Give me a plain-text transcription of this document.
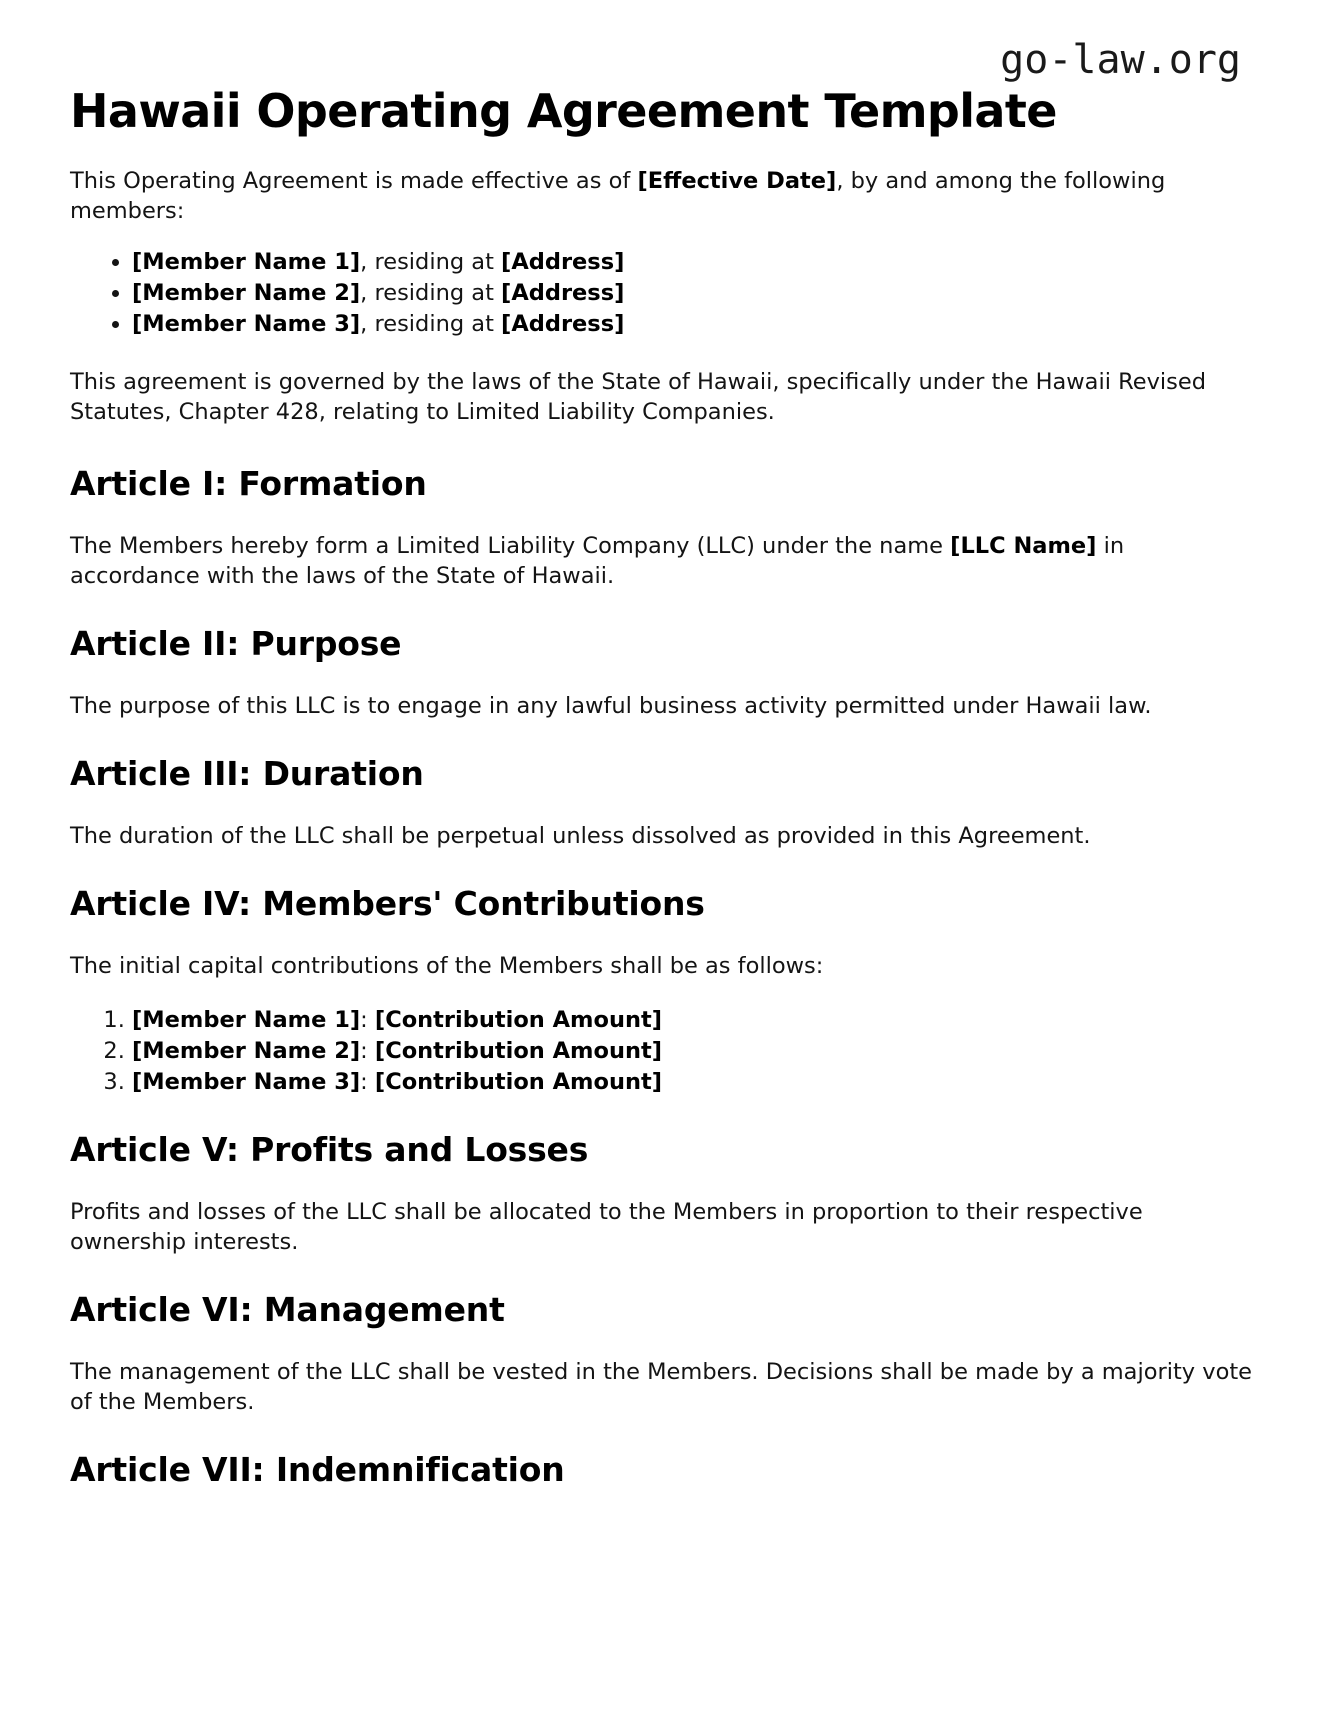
go-law.org
Hawaii Operating Agreement Template

This Operating Agreement is made effective as of [Effective Date], by and among the following members:

• [Member Name 1], residing at [Address]
• [Member Name 2], residing at [Address]
• [Member Name 3], residing at [Address]

This agreement is governed by the laws of the State of Hawaii, specifically under the Hawaii Revised Statutes, Chapter 428, relating to Limited Liability Companies.

Article I: Formation

The Members hereby form a Limited Liability Company (LLC) under the name [LLC Name] in accordance with the laws of the State of Hawaii.

Article II: Purpose

The purpose of this LLC is to engage in any lawful business activity permitted under Hawaii law.

Article III: Duration

The duration of the LLC shall be perpetual unless dissolved as provided in this Agreement.

Article IV: Members' Contributions

The initial capital contributions of the Members shall be as follows:

1. [Member Name 1]: [Contribution Amount]
2. [Member Name 2]: [Contribution Amount]
3. [Member Name 3]: [Contribution Amount]
Article V: Profits and Losses

Profits and losses of the LLC shall be allocated to the Members in proportion to their respective ownership interests.

Article VI: Management

The management of the LLC shall be vested in the Members. Decisions shall be made by a majority vote of the Members.

Article VII: Indemnification
